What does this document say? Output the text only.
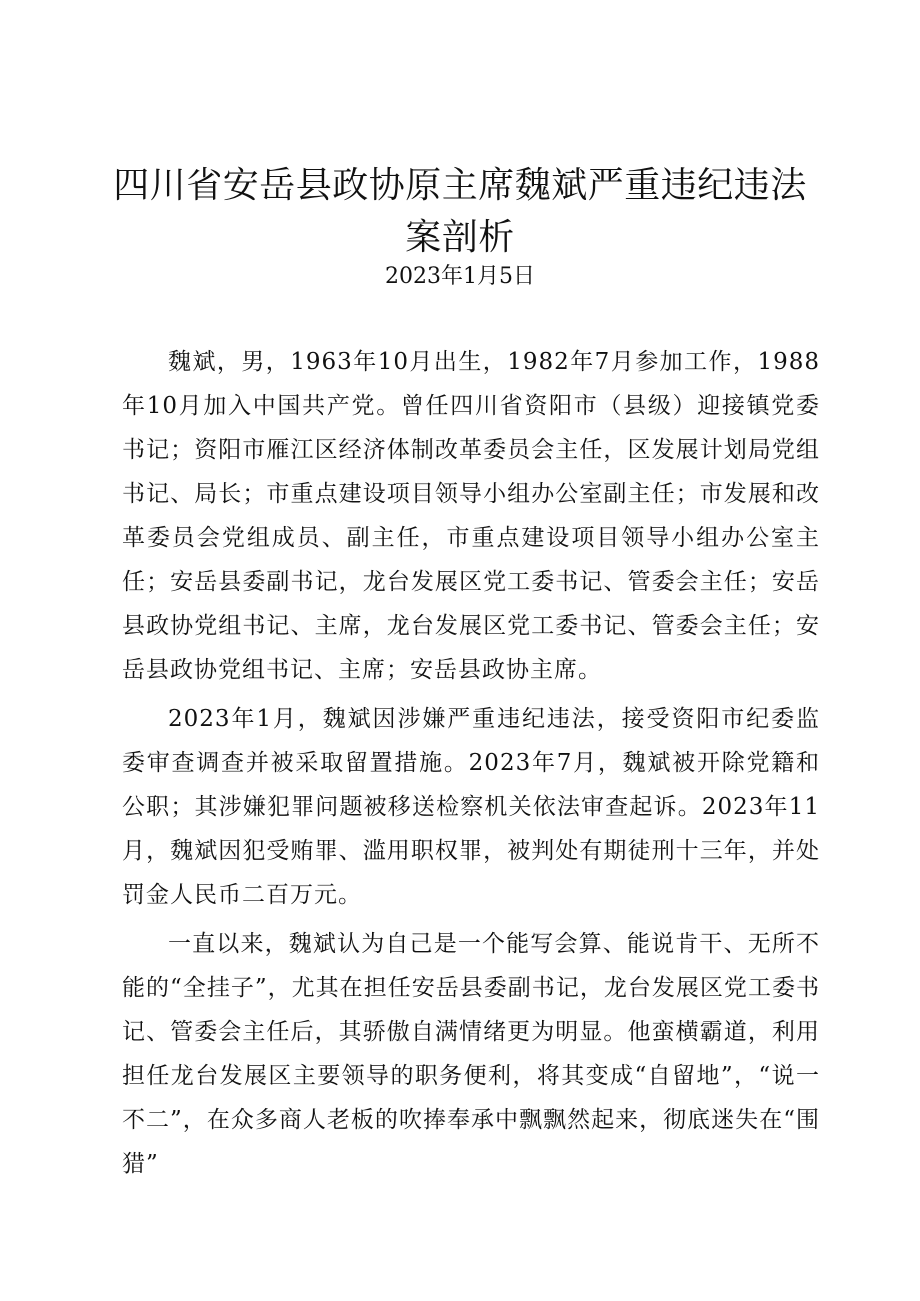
四川省安岳县政协原主席魏斌严重违纪违法案剖析
2023年1月5日

魏斌，男，1963年10月出生，1982年7月参加工作，1988年10月加入中国共产党。曾任四川省资阳市（县级）迎接镇党委书记；资阳市雁江区经济体制改革委员会主任，区发展计划局党组书记、局长；市重点建设项目领导小组办公室副主任；市发展和改革委员会党组成员、副主任，市重点建设项目领导小组办公室主任；安岳县委副书记，龙台发展区党工委书记、管委会主任；安岳县政协党组书记、主席，龙台发展区党工委书记、管委会主任；安岳县政协党组书记、主席；安岳县政协主席。

2023年1月，魏斌因涉嫌严重违纪违法，接受资阳市纪委监委审查调查并被采取留置措施。2023年7月，魏斌被开除党籍和公职；其涉嫌犯罪问题被移送检察机关依法审查起诉。2023年11月，魏斌因犯受贿罪、滥用职权罪，被判处有期徒刑十三年，并处罚金人民币二百万元。

一直以来，魏斌认为自己是一个能写会算、能说肯干、无所不能的“全挂子”，尤其在担任安岳县委副书记，龙台发展区党工委书记、管委会主任后，其骄傲自满情绪更为明显。他蛮横霸道，利用担任龙台发展区主要领导的职务便利，将其变成“自留地”，“说一不二”，在众多商人老板的吹捧奉承中飘飘然起来，彻底迷失在“围猎”
